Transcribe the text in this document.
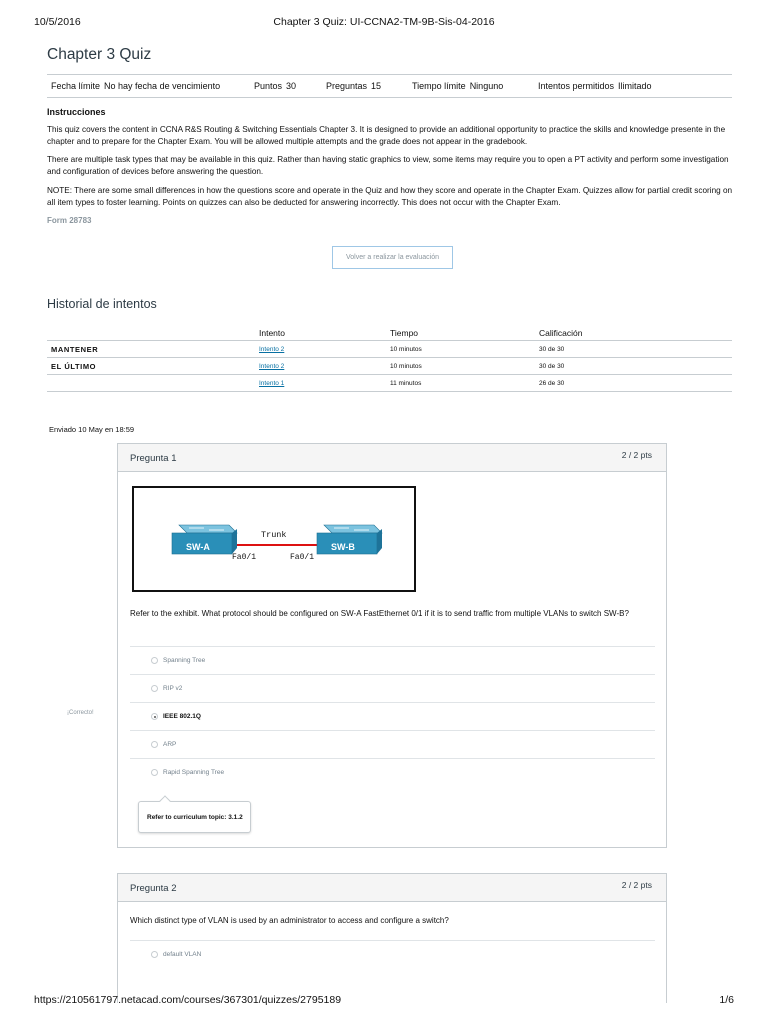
10/5/2016	Chapter 3 Quiz: UI-CCNA2-TM-9B-Sis-04-2016
Chapter 3 Quiz
Fecha límite No hay fecha de vencimiento	Puntos 30	Preguntas 15	Tiempo límite Ninguno	Intentos permitidos Ilimitado
Instrucciones

This quiz covers the content in CCNA R&S Routing & Switching Essentials Chapter 3. It is designed to provide an additional opportunity to practice the skills and knowledge presente in the chapter and to prepare for the Chapter Exam. You will be allowed multiple attempts and the grade does not appear in the gradebook.

There are multiple task types that may be available in this quiz. Rather than having static graphics to view, some items may require you to open a PT activity and perform some investigation and configuration of devices before answering the question.

NOTE: There are some small differences in how the questions score and operate in the Quiz and how they score and operate in the Chapter Exam. Quizzes allow for partial credit scoring on all item types to foster learning. Points on quizzes can also be deducted for answering incorrectly. This does not occur with the Chapter Exam.

Form 28783
Volver a realizar la evaluación
Historial de intentos
Intento	Tiempo	Calificación
MANTENER	Intento 2	10 minutos	30 de 30
EL ÚLTIMO	Intento 2	10 minutos	30 de 30
Intento 1	11 minutos	26 de 30
Enviado 10 May en 18:59
¡Correcto!
Pregunta 1	2 / 2 pts
SW-A	SW-B
Trunk
Fa0/1	Fa0/1

Refer to the exhibit. What protocol should be configured on SW-A FastEthernet 0/1 if it is to send traffic from multiple VLANs to switch SW-B?

Spanning Tree
RIP v2
IEEE 802.1Q
ARP
Rapid Spanning Tree
Refer to curriculum topic: 3.1.2
Pregunta 2	2 / 2 pts

Which distinct type of VLAN is used by an administrator to access and configure a switch?

default VLAN
https://210561797.netacad.com/courses/367301/quizzes/2795189	1/6
